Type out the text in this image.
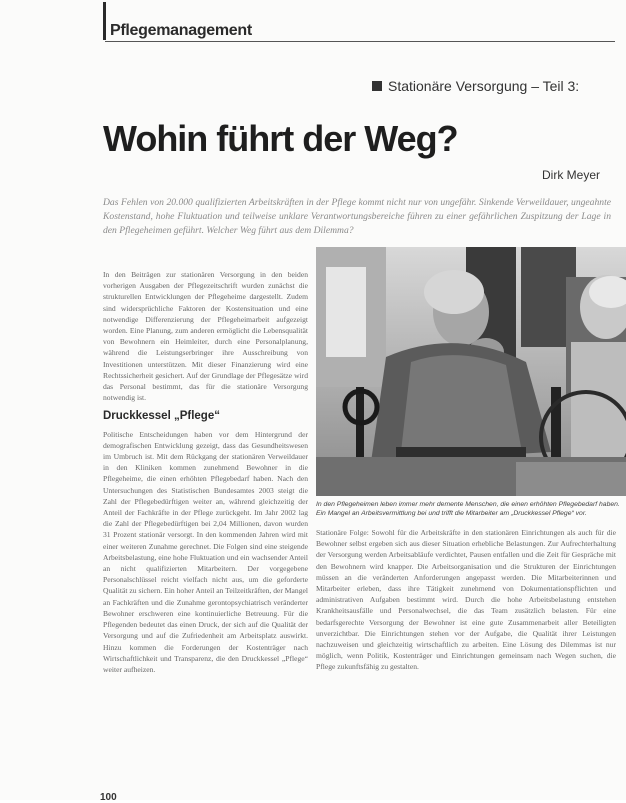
Pflegemanagement
Stationäre Versorgung – Teil 3:
Wohin führt der Weg?
Dirk Meyer
Das Fehlen von 20.000 qualifizierten Arbeitskräften in der Pflege kommt nicht nur von ungefähr. Sinkende Verweildauer, ungeahnte Kostenstand, hohe Fluktuation und teilweise unklare Verantwortungsbereiche führen zu einer gefährlichen Zuspitzung der Lage in den Pflegeheimen geführt. Welcher Weg führt aus dem Dilemma?

In den Beiträgen zur stationären Versorgung in den beiden vorherigen Ausgaben der Pflegezeitschrift wurden zunächst die strukturellen Entwicklungen der Pflegeheime dargestellt. Zudem sind widersprüchliche Faktoren der Kostensituation und eine notwendige Differenzierung der Pflegeheimarbeit aufgezeigt worden. Eine Planung, zum anderen ermöglicht die Lebensqualität von Bewohnern ein Heimleiter, durch eine Personalplanung, während die Leistungserbringer ihre Ausschreibung von Investitionen unterstützen. Mit dieser Finanzierung wird eine Rechtssicherheit gesichert. Auf der Grundlage der Pflegesätze wird das Personal bestimmt, das für die stationäre Versorgung notwendig ist.

Druckkessel „Pflege“

Politische Entscheidungen haben vor dem Hintergrund der demografischen Entwicklung gezeigt, dass das Gesundheitswesen im Umbruch ist. Mit dem Rückgang der stationären Verweildauer in den Kliniken kommen zunehmend Bewohner in die Pflegeheime, die einen erhöhten Pflegebedarf haben. Nach den Untersuchungen des Statistischen Bundesamtes 2003 steigt die Zahl der Pflegebedürftigen weiter an, während gleichzeitig der Anteil der Fachkräfte in der Pflege zurückgeht. Im Jahr 2002 lag die Zahl der Pflegebedürftigen bei 2,04 Millionen, davon wurden 31 Prozent stationär versorgt. In den kommenden Jahren wird mit einer weiteren Zunahme gerechnet. Die Folgen sind eine steigende Arbeitsbelastung, eine hohe Fluktuation und ein wachsender Anteil an nicht qualifizierten Mitarbeitern. Der vorgegebene Personalschlüssel reicht vielfach nicht aus, um die geforderte Qualität zu sichern. Ein hoher Anteil an Teilzeitkräften, der Mangel an Fachkräften und die Zunahme gerontopsychiatrisch veränderter Bewohner erschweren eine kontinuierliche Betreuung. Für die Pflegenden bedeutet das einen Druck, der sich auf die Qualität der Versorgung und auf die Zufriedenheit am Arbeitsplatz auswirkt. Hinzu kommen die Forderungen der Kostenträger nach Wirtschaftlichkeit und Transparenz, die den Druckkessel „Pflege“ weiter aufheizen.

In den Pflegeheimen leben immer mehr demente Menschen, die einen erhöhten Pflegebedarf haben. Ein Mangel an Arbeitsvermittlung bei und trifft die Mitarbeiter am „Druckkessel Pflege“ vor.

Stationäre Folge: Sowohl für die Arbeitskräfte in den stationären Einrichtungen als auch für die Bewohner selbst ergeben sich aus dieser Situation erhebliche Belastungen. Zur Aufrechterhaltung der Versorgung werden Arbeitsabläufe verdichtet, Pausen entfallen und die Zeit für Gespräche mit den Bewohnern wird knapper. Die Arbeitsorganisation und die Strukturen der Einrichtungen müssen an die veränderten Anforderungen angepasst werden. Die Mitarbeiterinnen und Mitarbeiter erleben, dass ihre Tätigkeit zunehmend von Dokumentationspflichten und administrativen Aufgaben bestimmt wird. Durch die hohe Arbeitsbelastung entstehen Krankheitsausfälle und Personalwechsel, die das Team zusätzlich belasten. Für eine bedarfsgerechte Versorgung der Bewohner ist eine gute Zusammenarbeit aller Beteiligten unverzichtbar. Die Einrichtungen stehen vor der Aufgabe, die Qualität ihrer Leistungen nachzuweisen und gleichzeitig wirtschaftlich zu arbeiten. Eine Lösung des Dilemmas ist nur möglich, wenn Politik, Kostenträger und Einrichtungen gemeinsam nach Wegen suchen, die Pflege zukunftsfähig zu gestalten.

100
